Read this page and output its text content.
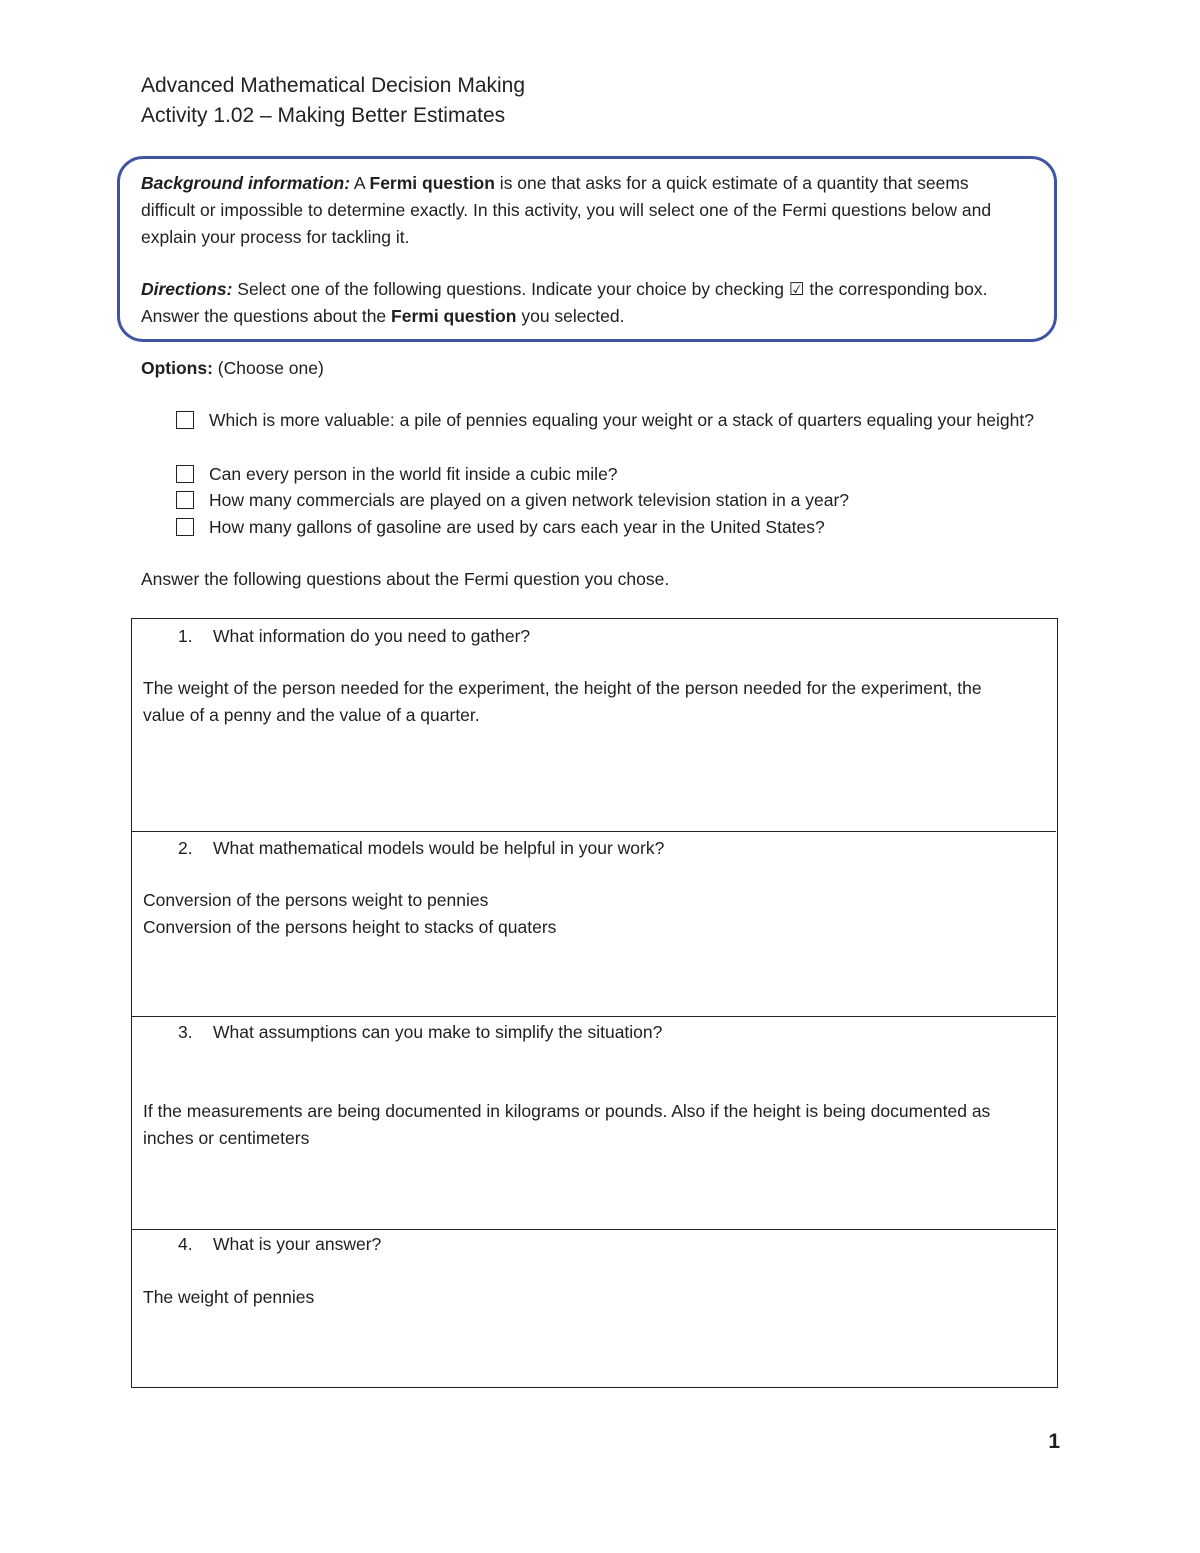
Advanced Mathematical Decision Making
Activity 1.02 – Making Better Estimates
Background information: A Fermi question is one that asks for a quick estimate of a quantity that seems difficult or impossible to determine exactly. In this activity, you will select one of the Fermi questions below and explain your process for tackling it.
Directions: Select one of the following questions. Indicate your choice by checking ☑ the corresponding box. Answer the questions about the Fermi question you selected.
Options: (Choose one)
Which is more valuable: a pile of pennies equaling your weight or a stack of quarters equaling your height?
Can every person in the world fit inside a cubic mile?
How many commercials are played on a given network television station in a year?
How many gallons of gasoline are used by cars each year in the United States?
Answer the following questions about the Fermi question you chose.
1. What information do you need to gather?
The weight of the person needed for the experiment, the height of the person needed for the experiment, the value of a penny and the value of a quarter.
2. What mathematical models would be helpful in your work?
Conversion of the persons weight to pennies
Conversion of the persons height to stacks of quaters
3. What assumptions can you make to simplify the situation?
If the measurements are being documented in kilograms or pounds. Also if the height is being documented as inches or centimeters
4. What is your answer?
The weight of pennies
1
